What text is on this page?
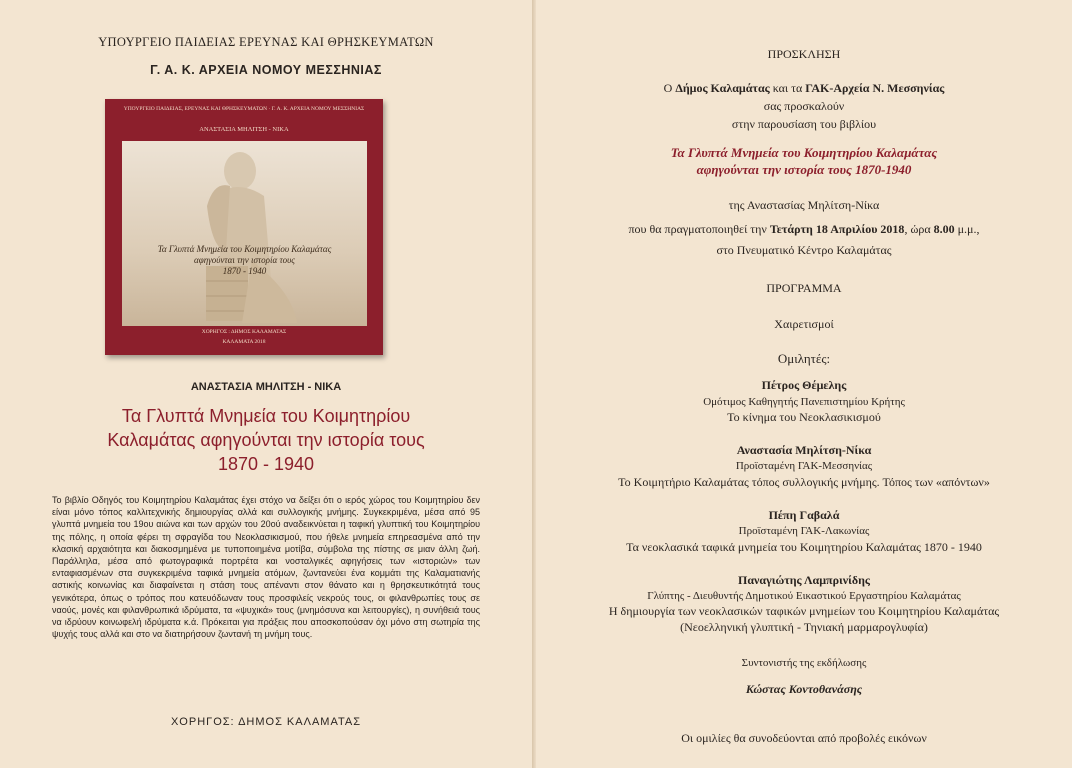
ΥΠΟΥΡΓΕΙΟ ΠΑΙΔΕΙΑΣ ΕΡΕΥΝΑΣ ΚΑΙ ΘΡΗΣΚΕΥΜΑΤΩΝ
Γ. Α. Κ. ΑΡΧΕΙΑ ΝΟΜΟΥ ΜΕΣΣΗΝΙΑΣ
ΥΠΟΥΡΓΕΙΟ ΠΑΙΔΕΙΑΣ, ΕΡΕΥΝΑΣ ΚΑΙ ΘΡΗΣΚΕΥΜΑΤΩΝ · Γ. Α. Κ. ΑΡΧΕΙΑ ΝΟΜΟΥ ΜΕΣΣΗΝΙΑΣ
ΑΝΑΣΤΑΣΙΑ ΜΗΛΙΤΣΗ - ΝΙΚΑ
Τα Γλυπτά Μνημεία του Κοιμητηρίου Καλαμάτας
αφηγούνται την ιστορία τους
1870 - 1940
ΧΟΡΗΓΟΣ : ΔΗΜΟΣ ΚΑΛΑΜΑΤΑΣ
ΚΑΛΑΜΑΤΑ 2018
ΑΝΑΣΤΑΣΙΑ ΜΗΛΙΤΣΗ - ΝΙΚΑ
Τα Γλυπτά Μνημεία του Κοιμητηρίου
Καλαμάτας αφηγούνται την ιστορία τους
1870 - 1940
Το βιβλίο Οδηγός του Κοιμητηρίου Καλαμάτας έχει στόχο να δείξει ότι ο ιερός χώρος του Κοιμητηρίου δεν είναι μόνο τόπος καλλιτεχνικής δημιουργίας αλλά και συλλογικής μνήμης. Συγκεκριμένα, μέσα από 95 γλυπτά μνημεία του 19ου αιώνα και των αρχών του 20ού αναδεικνύεται η ταφική γλυπτική του Κοιμητηρίου της πόλης, η οποία φέρει τη σφραγίδα του Νεοκλασικισμού, που ήθελε μνημεία επηρεασμένα από την κλασική αρχαιότητα και διακοσμημένα με τυποποιημένα μοτίβα, σύμβολα της πίστης σε μιαν άλλη ζωή. Παράλληλα, μέσα από φωτογραφικά πορτρέτα και νοσταλγικές αφηγήσεις των «ιστοριών» των ενταφιασμένων στα συγκεκριμένα ταφικά μνημεία ατόμων, ζωντανεύει ένα κομμάτι της Καλαματιανής αστικής κοινωνίας και διαφαίνεται η στάση τους απέναντι στον θάνατο και η θρησκευτικότητά τους γενικότερα, όπως ο τρόπος που κατευόδωναν τους προσφιλείς νεκρούς τους, οι φιλανθρωπίες τους σε ναούς, μονές και φιλανθρωπικά ιδρύματα, τα «ψυχικά» τους (μνημόσυνα και λειτουργίες), η συνήθειά τους να ιδρύουν κοινωφελή ιδρύματα κ.ά. Πρόκειται για πράξεις που αποσκοπούσαν όχι μόνο στη σωτηρία της ψυχής τους αλλά και στο να διατηρήσουν ζωντανή τη μνήμη τους.
ΧΟΡΗΓΟΣ: ΔΗΜΟΣ ΚΑΛΑΜΑΤΑΣ
ΠΡΟΣΚΛΗΣΗ
Ο Δήμος Καλαμάτας και τα ΓΑΚ-Αρχεία Ν. Μεσσηνίας
σας προσκαλούν
στην παρουσίαση του βιβλίου
Τα Γλυπτά Μνημεία του Κοιμητηρίου Καλαμάτας
αφηγούνται την ιστορία τους 1870-1940
της Αναστασίας Μηλίτση-Νίκα
που θα πραγματοποιηθεί την Τετάρτη 18 Απριλίου 2018, ώρα 8.00 μ.μ.,
στο Πνευματικό Κέντρο Καλαμάτας
ΠΡΟΓΡΑΜΜΑ
Χαιρετισμοί
Ομιλητές:
Πέτρος Θέμελης
Ομότιμος Καθηγητής Πανεπιστημίου Κρήτης
Το κίνημα του Νεοκλασικισμού
Αναστασία Μηλίτση-Νίκα
Προϊσταμένη ΓΑΚ-Μεσσηνίας
Το Κοιμητήριο Καλαμάτας τόπος συλλογικής μνήμης. Τόπος των «απόντων»
Πέπη Γαβαλά
Προϊσταμένη ΓΑΚ-Λακωνίας
Τα νεοκλασικά ταφικά μνημεία του Κοιμητηρίου Καλαμάτας 1870 - 1940
Παναγιώτης Λαμπρινίδης
Γλύπτης - Διευθυντής Δημοτικού Εικαστικού Εργαστηρίου Καλαμάτας
Η δημιουργία των νεοκλασικών ταφικών μνημείων του Κοιμητηρίου Καλαμάτας
(Νεοελληνική γλυπτική - Τηνιακή μαρμαρογλυφία)
Συντονιστής της εκδήλωσης
Κώστας Κοντοθανάσης
Οι ομιλίες θα συνοδεύονται από προβολές εικόνων
